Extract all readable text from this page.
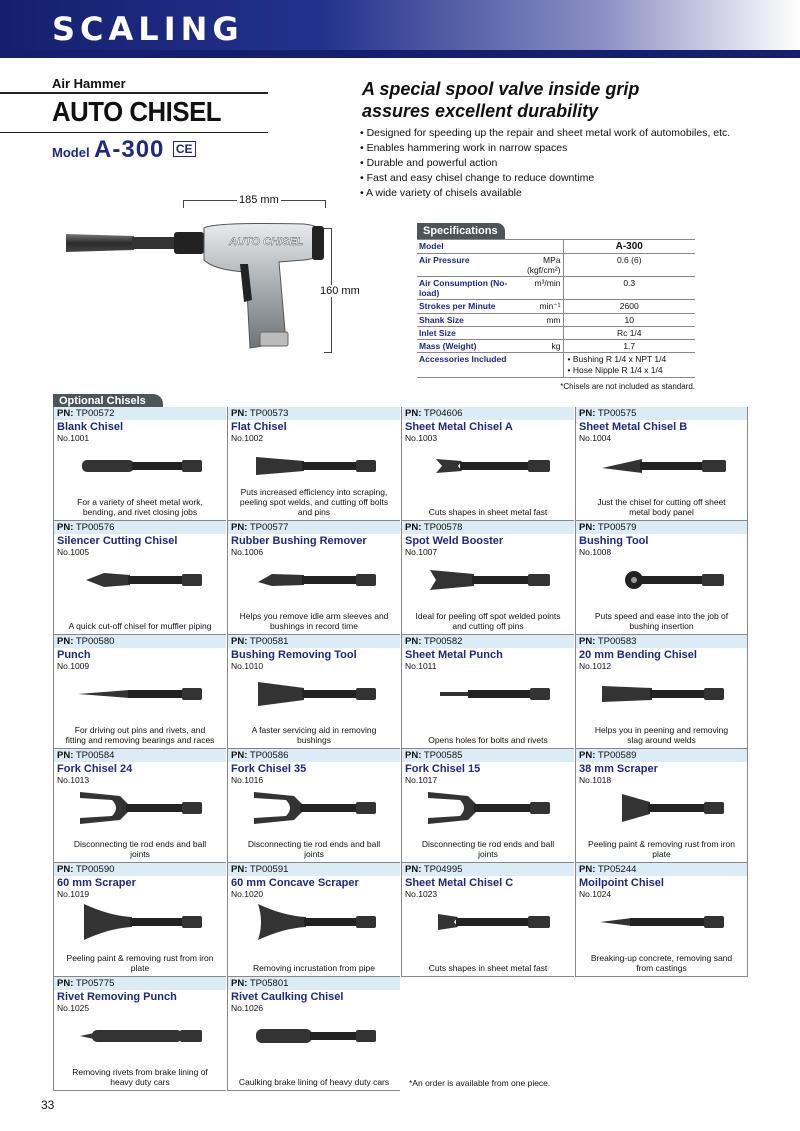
SCALING
Air Hammer
AUTO CHISEL
Model A-300 CE
A special spool valve inside grip
assures excellent durability
• Designed for speeding up the repair and sheet metal work of automobiles, etc.
• Enables hammering work in narrow spaces
• Durable and powerful action
• Fast and easy chisel change to reduce downtime
• A wide variety of chisels available
185 mm
160 mm
AUTO CHISEL
Specifications
Model		A-300
Air Pressure	MPa (kgf/cm²)	0.6 (6)
Air Consumption (No-load)	m³/min	0.3
Strokes per Minute	min⁻¹	2600
Shank Size	mm	10
Inlet Size		Rc 1/4
Mass (Weight)	kg	1.7
Accessories Included		• Bushing R 1/4 x NPT 1/4
• Hose Nipple R 1/4 x 1/4
*Chisels are not included as standard.
Optional Chisels
PN: TP00572
Blank Chisel
No.1001
For a variety of sheet metal work, bending, and rivet closing jobs
PN: TP00573
Flat Chisel
No.1002
Puts increased efficiency into scraping, peeling spot welds, and cutting off bolts and pins
PN: TP04606
Sheet Metal Chisel A
No.1003
Cuts shapes in sheet metal fast
PN: TP00575
Sheet Metal Chisel B
No.1004
Just the chisel for cutting off sheet metal body panel
PN: TP00576
Silencer Cutting Chisel
No.1005
A quick cut-off chisel for muffler piping
PN: TP00577
Rubber Bushing Remover
No.1006
Helps you remove idle arm sleeves and bushings in record time
PN: TP00578
Spot Weld Booster
No.1007
Ideal for peeling off spot welded points and cutting off pins
PN: TP00579
Bushing Tool
No.1008
Puts speed and ease into the job of bushing insertion
PN: TP00580
Punch
No.1009
For driving out pins and rivets, and fitting and removing bearings and races
PN: TP00581
Bushing Removing Tool
No.1010
A faster servicing aid in removing bushings
PN: TP00582
Sheet Metal Punch
No.1011
Opens holes for bolts and rivets
PN: TP00583
20 mm Bending Chisel
No.1012
Helps you in peening and removing slag around welds
PN: TP00584
Fork Chisel 24
No.1013
Disconnecting tie rod ends and ball joints
PN: TP00586
Fork Chisel 35
No.1016
Disconnecting tie rod ends and ball joints
PN: TP00585
Fork Chisel 15
No.1017
Disconnecting tie rod ends and ball joints
PN: TP00589
38 mm Scraper
No.1018
Peeling paint & removing rust from iron plate
PN: TP00590
60 mm Scraper
No.1019
Peeling paint & removing rust from iron plate
PN: TP00591
60 mm Concave Scraper
No.1020
Removing incrustation from pipe
PN: TP04995
Sheet Metal Chisel C
No.1023
Cuts shapes in sheet metal fast
PN: TP05244
Moilpoint Chisel
No.1024
Breaking-up concrete, removing sand from castings
PN: TP05775
Rivet Removing Punch
No.1025
Removing rivets from brake lining of heavy duty cars
PN: TP05801
Rivet Caulking Chisel
No.1026
Caulking brake lining of heavy duty cars	*An order is available from one piece.
33
